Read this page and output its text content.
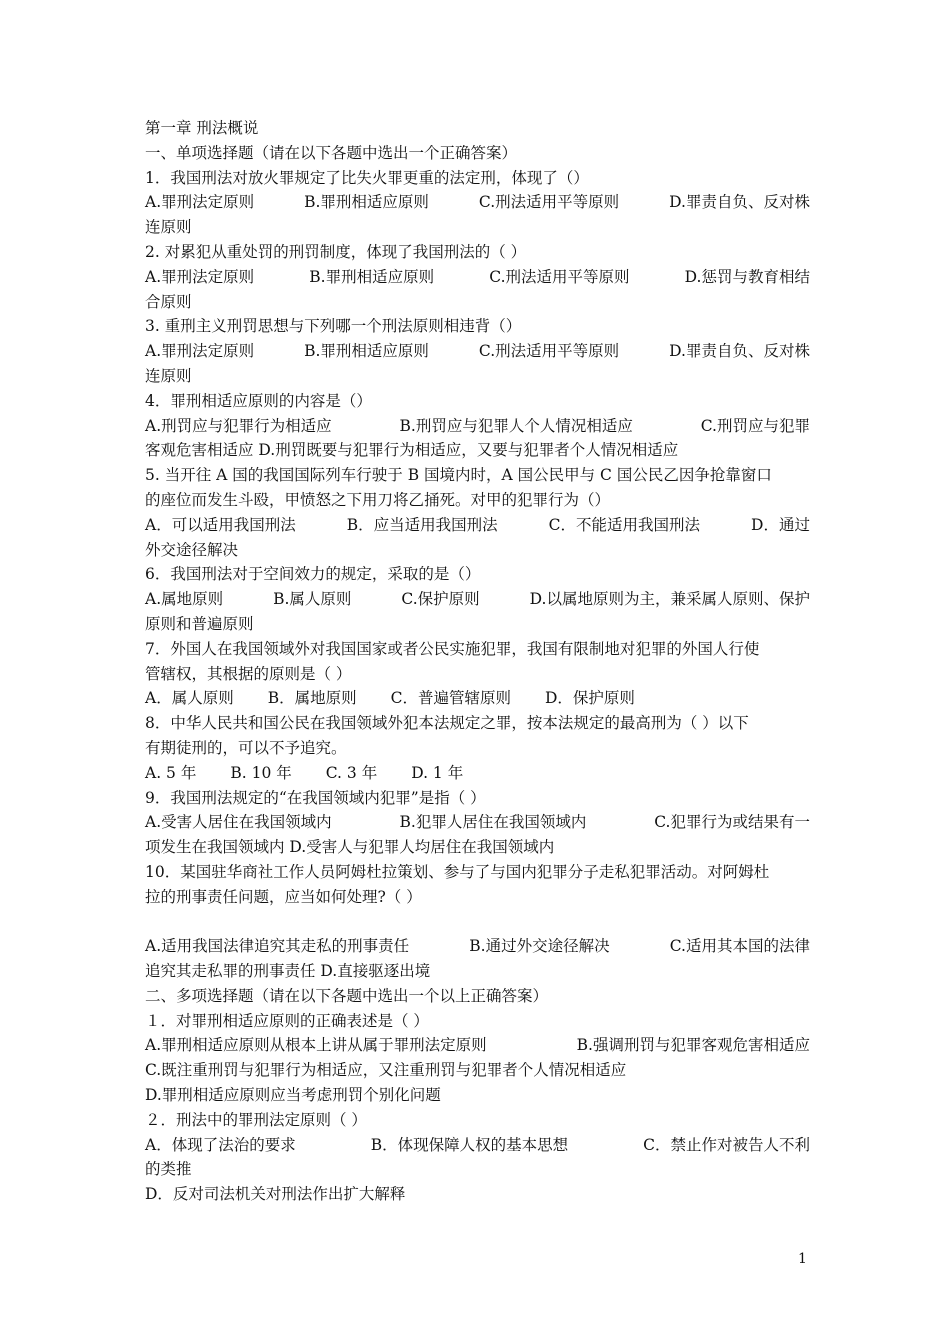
第一章 刑法概说
一、单项选择题（请在以下各题中选出一个正确答案）
1．我国刑法对放火罪规定了比失火罪更重的法定刑，体现了（）
A.罪刑法定原则	B.罪刑相适应原则	C.刑法适用平等原则	D.罪责自负、反对株
连原则
2. 对累犯从重处罚的刑罚制度，体现了我国刑法的（ ）
A.罪刑法定原则	B.罪刑相适应原则	C.刑法适用平等原则	D.惩罚与教育相结
合原则
3. 重刑主义刑罚思想与下列哪一个刑法原则相违背（）
A.罪刑法定原则	B.罪刑相适应原则	C.刑法适用平等原则	D.罪责自负、反对株
连原则
4．罪刑相适应原则的内容是（）
A.刑罚应与犯罪行为相适应	B.刑罚应与犯罪人个人情况相适应	C.刑罚应与犯罪
客观危害相适应 D.刑罚既要与犯罪行为相适应，又要与犯罪者个人情况相适应
5. 当开往 A 国的我国国际列车行驶于 B 国境内时，A 国公民甲与 C 国公民乙因争抢靠窗口
的座位而发生斗殴，甲愤怒之下用刀将乙捅死。对甲的犯罪行为（）
A．可以适用我国刑法	B．应当适用我国刑法	C．不能适用我国刑法	D．通过
外交途径解决
6．我国刑法对于空间效力的规定，采取的是（）
A.属地原则	B.属人原则	C.保护原则	D.以属地原则为主，兼采属人原则、保护
原则和普遍原则
7．外国人在我国领域外对我国国家或者公民实施犯罪，我国有限制地对犯罪的外国人行使
管辖权，其根据的原则是（ ）
A．属人原则 B．属地原则 C．普遍管辖原则 D．保护原则
8．中华人民共和国公民在我国领域外犯本法规定之罪，按本法规定的最高刑为（ ）以下
有期徒刑的，可以不予追究。
A. 5 年 B. 10 年 C. 3 年 D. 1 年
9．我国刑法规定的“在我国领域内犯罪”是指（ ）
A.受害人居住在我国领域内	B.犯罪人居住在我国领域内	C.犯罪行为或结果有一
项发生在我国领域内 D.受害人与犯罪人均居住在我国领域内
10．某国驻华商社工作人员阿姆杜拉策划、参与了与国内犯罪分子走私犯罪活动。对阿姆杜
拉的刑事责任问题，应当如何处理?（ ）
A.适用我国法律追究其走私的刑事责任	B.通过外交途径解决	C.适用其本国的法律
追究其走私罪的刑事责任 D.直接驱逐出境
二、多项选择题（请在以下各题中选出一个以上正确答案）
１．对罪刑相适应原则的正确表述是（ ）
A.罪刑相适应原则从根本上讲从属于罪刑法定原则	B.强调刑罚与犯罪客观危害相适应
C.既注重刑罚与犯罪行为相适应，又注重刑罚与犯罪者个人情况相适应
D.罪刑相适应原则应当考虑刑罚个别化问题
２．刑法中的罪刑法定原则（ ）
A．体现了法治的要求	B．体现保障人权的基本思想	C．禁止作对被告人不利
的类推
D．反对司法机关对刑法作出扩大解释
1
